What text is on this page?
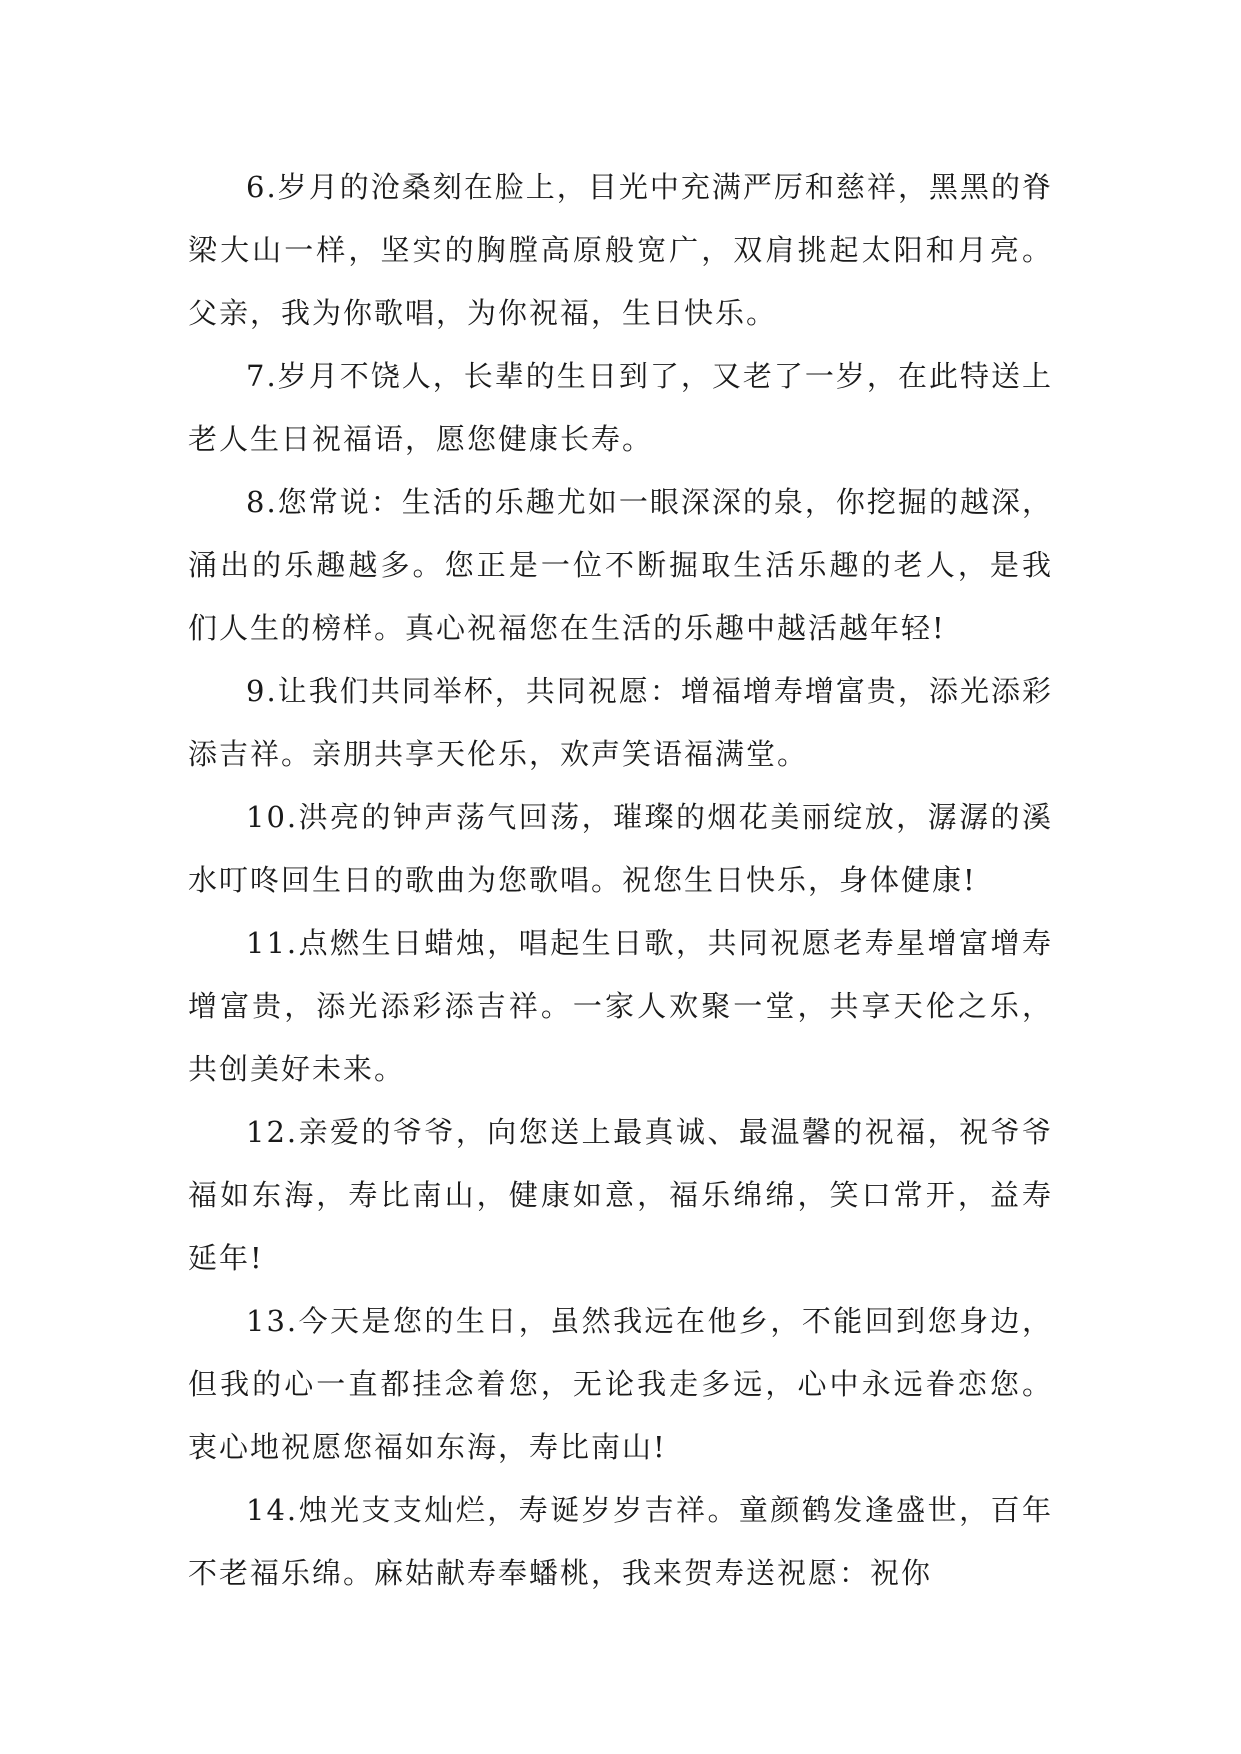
6.岁月的沧桑刻在脸上，目光中充满严厉和慈祥，黑黑的脊梁大山一样，坚实的胸膛高原般宽广，双肩挑起太阳和月亮。父亲，我为你歌唱，为你祝福，生日快乐。

7.岁月不饶人，长辈的生日到了，又老了一岁，在此特送上老人生日祝福语，愿您健康长寿。

8.您常说：生活的乐趣尤如一眼深深的泉，你挖掘的越深，涌出的乐趣越多。您正是一位不断掘取生活乐趣的老人，是我们人生的榜样。真心祝福您在生活的乐趣中越活越年轻!

9.让我们共同举杯，共同祝愿：增福增寿增富贵，添光添彩添吉祥。亲朋共享天伦乐，欢声笑语福满堂。

10.洪亮的钟声荡气回荡，璀璨的烟花美丽绽放，潺潺的溪水叮咚回生日的歌曲为您歌唱。祝您生日快乐，身体健康!

11.点燃生日蜡烛，唱起生日歌，共同祝愿老寿星增富增寿增富贵，添光添彩添吉祥。一家人欢聚一堂，共享天伦之乐，共创美好未来。

12.亲爱的爷爷，向您送上最真诚、最温馨的祝福，祝爷爷福如东海，寿比南山，健康如意，福乐绵绵，笑口常开，益寿延年!

13.今天是您的生日，虽然我远在他乡，不能回到您身边，但我的心一直都挂念着您，无论我走多远，心中永远眷恋您。衷心地祝愿您福如东海，寿比南山!

14.烛光支支灿烂，寿诞岁岁吉祥。童颜鹤发逢盛世，百年不老福乐绵。麻姑献寿奉蟠桃，我来贺寿送祝愿：祝你
